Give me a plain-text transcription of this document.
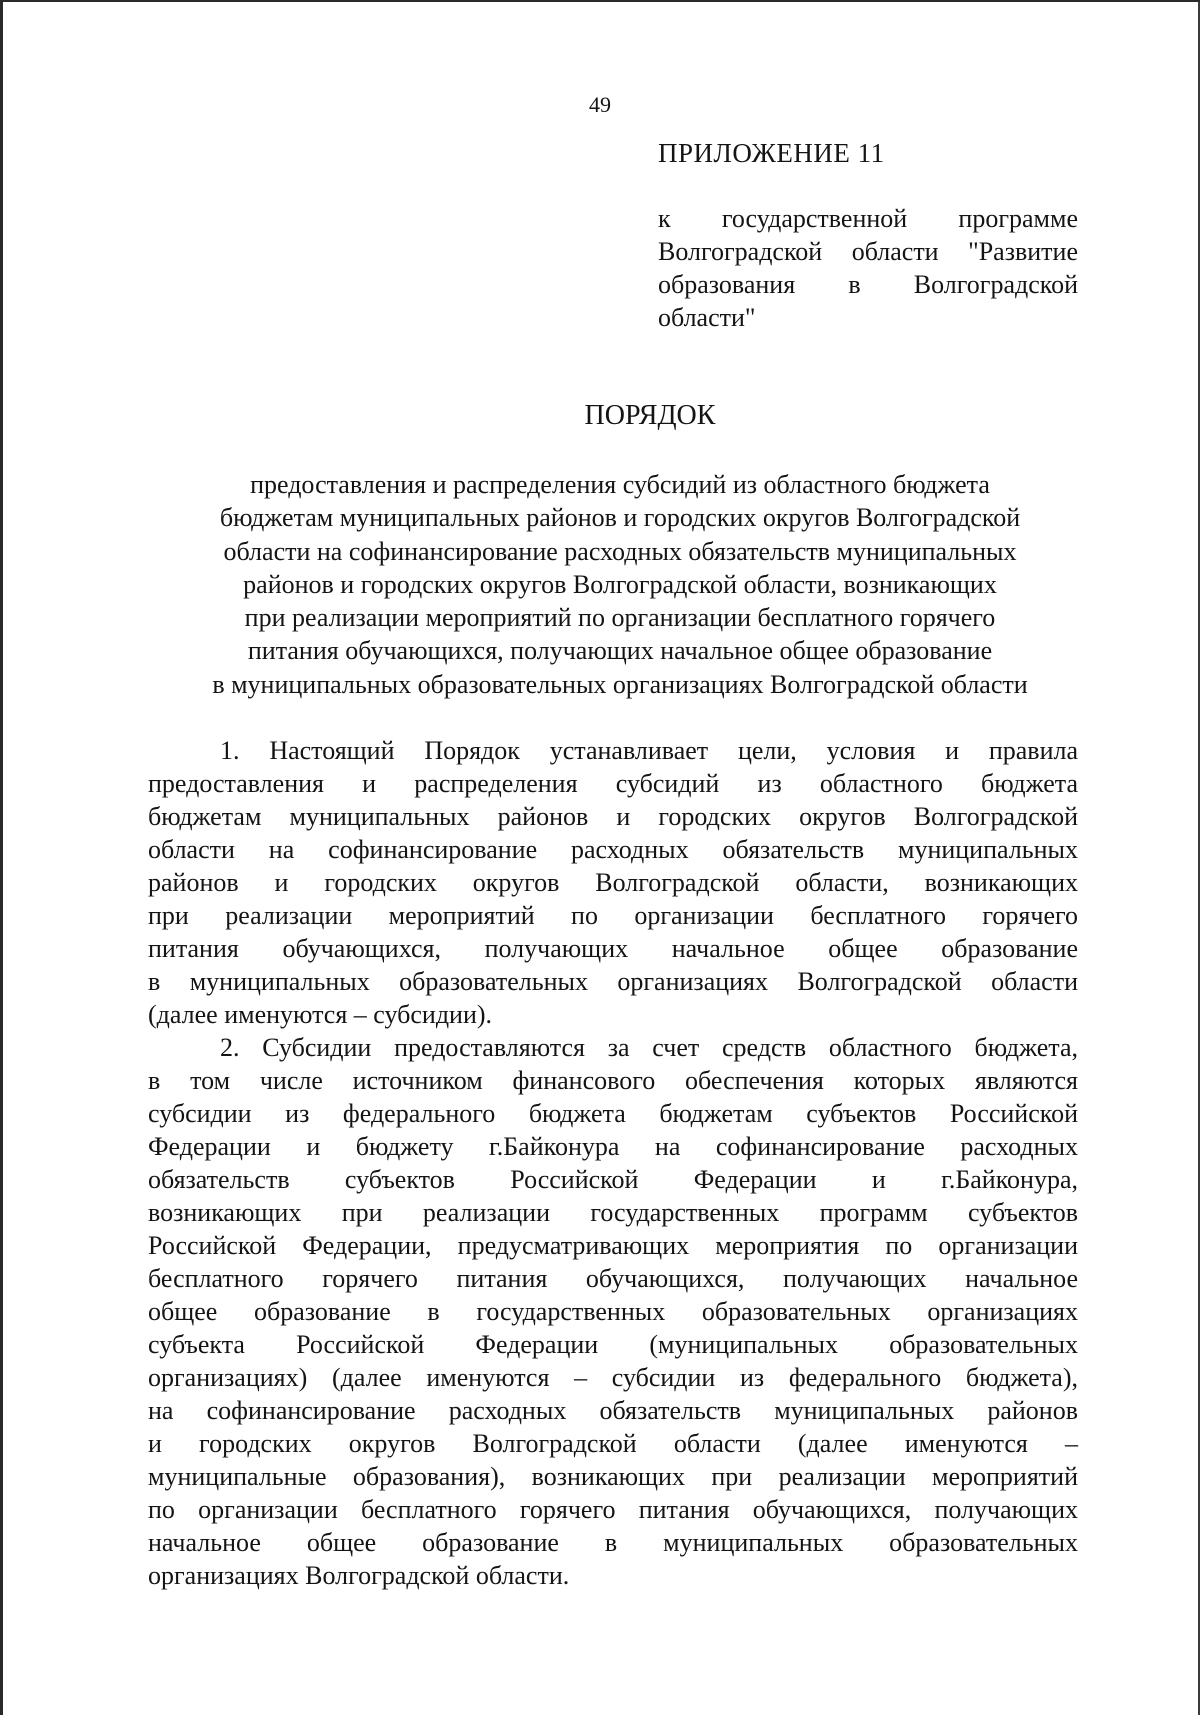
49
ПРИЛОЖЕНИЕ 11
к государственной программе
Волгоградской области "Развитие
образования в Волгоградской
области"
ПОРЯДОК
предоставления и распределения субсидий из областного бюджета
бюджетам муниципальных районов и городских округов Волгоградской
области на софинансирование расходных обязательств муниципальных
районов и городских округов Волгоградской области, возникающих
при реализации мероприятий по организации бесплатного горячего
питания обучающихся, получающих начальное общее образование
в муниципальных образовательных организациях Волгоградской области
1. Настоящий Порядок устанавливает цели, условия и правила
предоставления и распределения субсидий из областного бюджета
бюджетам муниципальных районов и городских округов Волгоградской
области на софинансирование расходных обязательств муниципальных
районов и городских округов Волгоградской области, возникающих
при реализации мероприятий по организации бесплатного горячего
питания обучающихся, получающих начальное общее образование
в муниципальных образовательных организациях Волгоградской области
(далее именуются – субсидии).
2. Субсидии предоставляются за счет средств областного бюджета,
в том числе источником финансового обеспечения которых являются
субсидии из федерального бюджета бюджетам субъектов Российской
Федерации и бюджету г.Байконура на софинансирование расходных
обязательств субъектов Российской Федерации и г.Байконура,
возникающих при реализации государственных программ субъектов
Российской Федерации, предусматривающих мероприятия по организации
бесплатного горячего питания обучающихся, получающих начальное
общее образование в государственных образовательных организациях
субъекта Российской Федерации (муниципальных образовательных
организациях) (далее именуются – субсидии из федерального бюджета),
на софинансирование расходных обязательств муниципальных районов
и городских округов Волгоградской области (далее именуются –
муниципальные образования), возникающих при реализации мероприятий
по организации бесплатного горячего питания обучающихся, получающих
начальное общее образование в муниципальных образовательных
организациях Волгоградской области.
